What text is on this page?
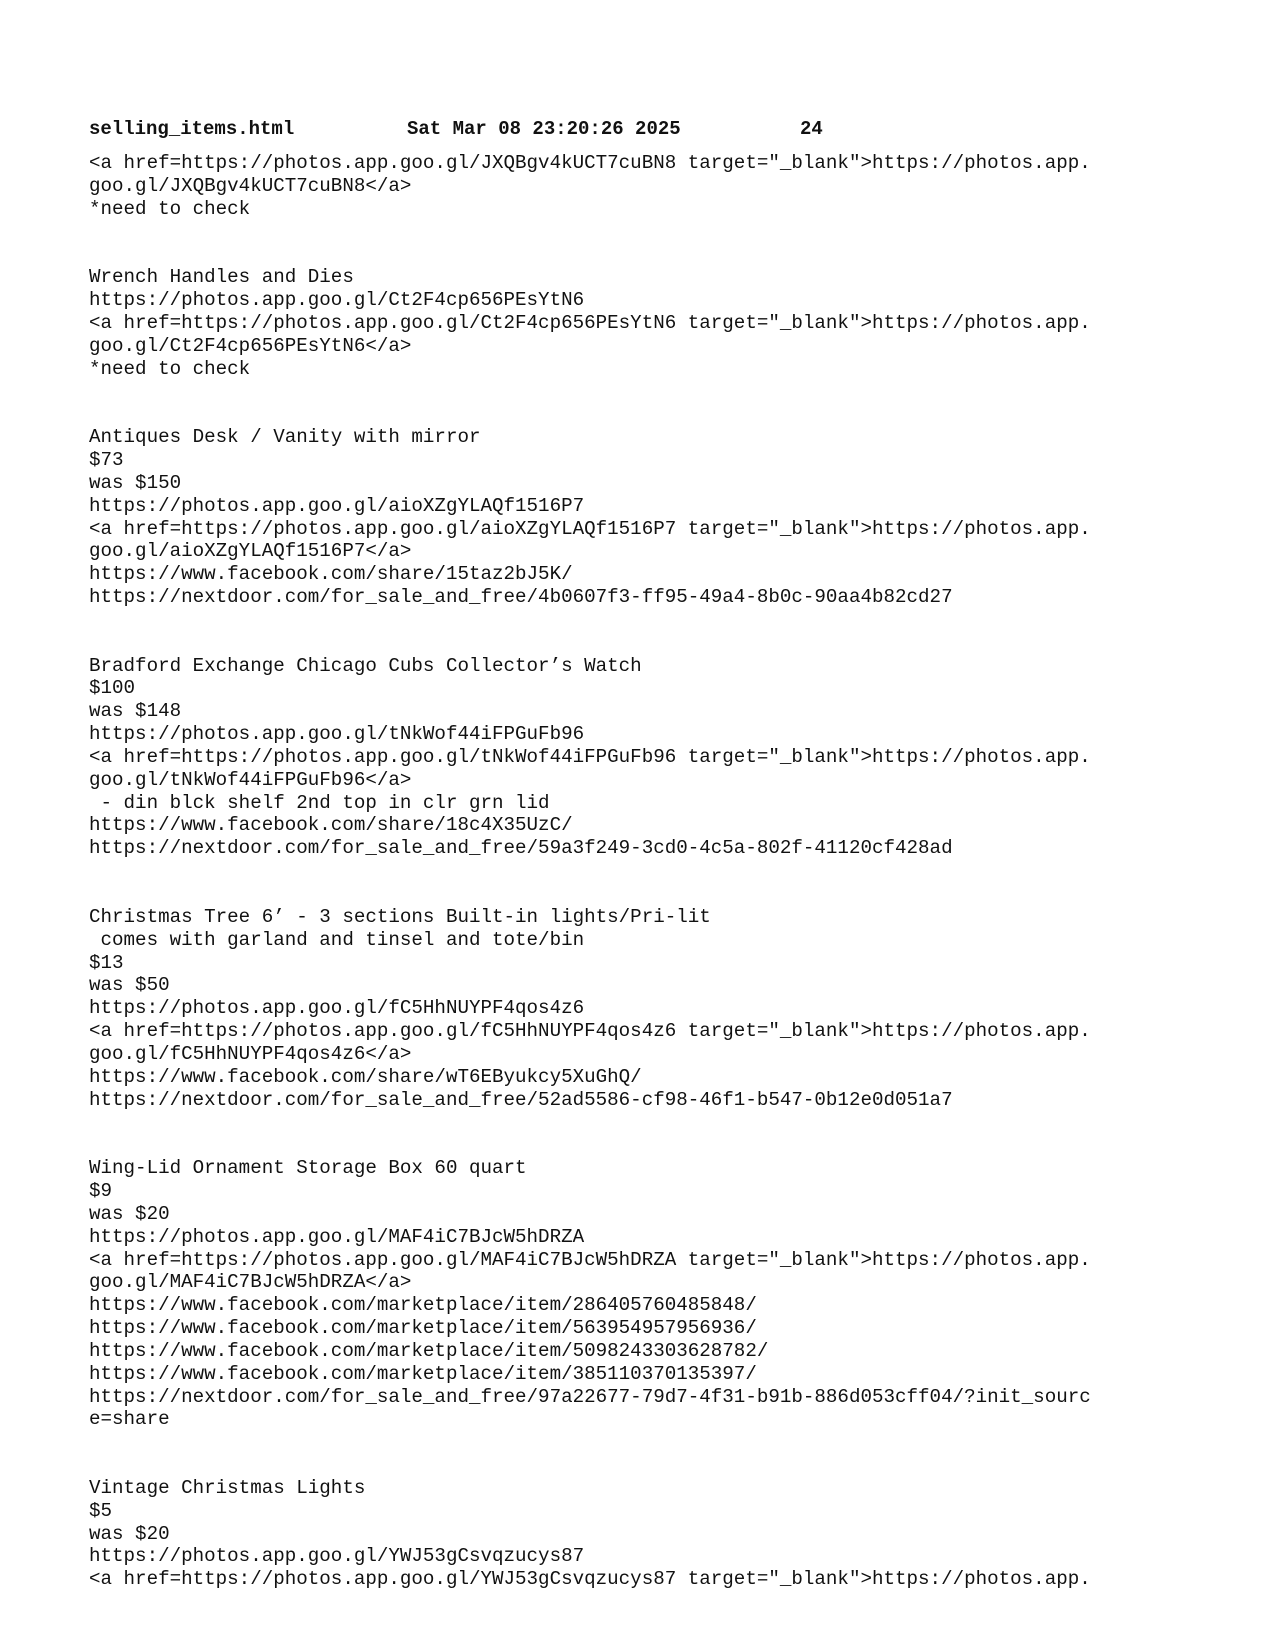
selling_items.html	Sat Mar 08 23:20:26 2025	24
<a href=https://photos.app.goo.gl/JXQBgv4kUCT7cuBN8 target="_blank">https://photos.app.
goo.gl/JXQBgv4kUCT7cuBN8</a>
*need to check
Wrench Handles and Dies
https://photos.app.goo.gl/Ct2F4cp656PEsYtN6
<a href=https://photos.app.goo.gl/Ct2F4cp656PEsYtN6 target="_blank">https://photos.app.
goo.gl/Ct2F4cp656PEsYtN6</a>
*need to check
Antiques Desk / Vanity with mirror
$73
was $150
https://photos.app.goo.gl/aioXZgYLAQf1516P7
<a href=https://photos.app.goo.gl/aioXZgYLAQf1516P7 target="_blank">https://photos.app.
goo.gl/aioXZgYLAQf1516P7</a>
https://www.facebook.com/share/15taz2bJ5K/
https://nextdoor.com/for_sale_and_free/4b0607f3-ff95-49a4-8b0c-90aa4b82cd27
Bradford Exchange Chicago Cubs Collector’s Watch
$100
was $148
https://photos.app.goo.gl/tNkWof44iFPGuFb96
<a href=https://photos.app.goo.gl/tNkWof44iFPGuFb96 target="_blank">https://photos.app.
goo.gl/tNkWof44iFPGuFb96</a>
- din blck shelf 2nd top in clr grn lid
https://www.facebook.com/share/18c4X35UzC/
https://nextdoor.com/for_sale_and_free/59a3f249-3cd0-4c5a-802f-41120cf428ad
Christmas Tree 6’ - 3 sections Built-in lights/Pri-lit
comes with garland and tinsel and tote/bin
$13
was $50
https://photos.app.goo.gl/fC5HhNUYPF4qos4z6
<a href=https://photos.app.goo.gl/fC5HhNUYPF4qos4z6 target="_blank">https://photos.app.
goo.gl/fC5HhNUYPF4qos4z6</a>
https://www.facebook.com/share/wT6EByukcy5XuGhQ/
https://nextdoor.com/for_sale_and_free/52ad5586-cf98-46f1-b547-0b12e0d051a7
Wing-Lid Ornament Storage Box 60 quart
$9
was $20
https://photos.app.goo.gl/MAF4iC7BJcW5hDRZA
<a href=https://photos.app.goo.gl/MAF4iC7BJcW5hDRZA target="_blank">https://photos.app.
goo.gl/MAF4iC7BJcW5hDRZA</a>
https://www.facebook.com/marketplace/item/286405760485848/
https://www.facebook.com/marketplace/item/563954957956936/
https://www.facebook.com/marketplace/item/5098243303628782/
https://www.facebook.com/marketplace/item/385110370135397/
https://nextdoor.com/for_sale_and_free/97a22677-79d7-4f31-b91b-886d053cff04/?init_sourc
e=share
Vintage Christmas Lights
$5
was $20
https://photos.app.goo.gl/YWJ53gCsvqzucys87
<a href=https://photos.app.goo.gl/YWJ53gCsvqzucys87 target="_blank">https://photos.app.
